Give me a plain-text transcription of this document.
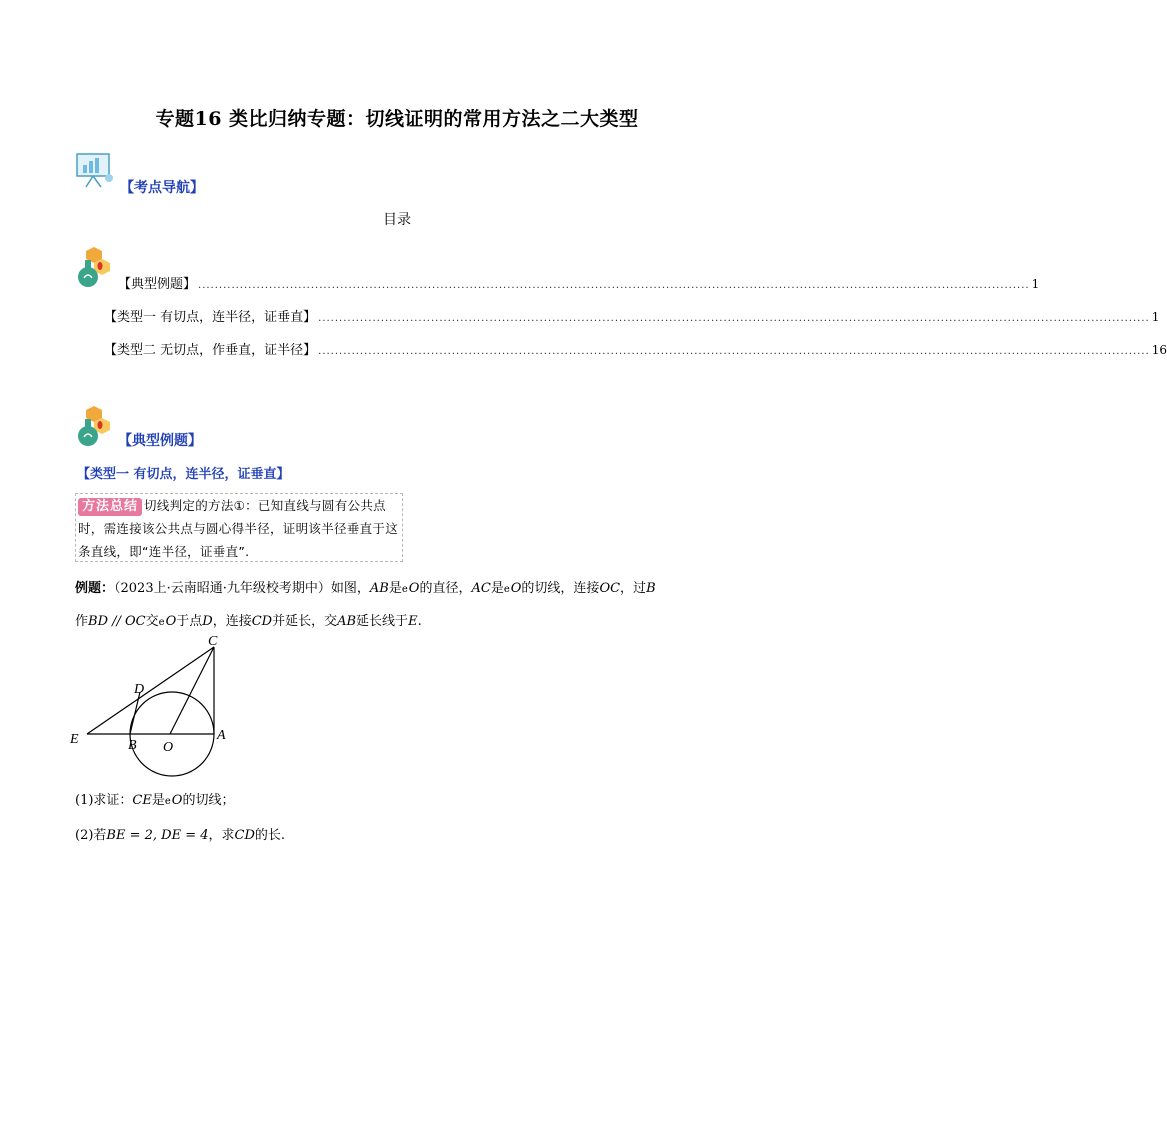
专题16 类比归纳专题：切线证明的常用方法之二大类型
【考点导航】
目录
【典型例题】 ....................................................................................................................................................................................................... 1
【类型一 有切点，连半径，证垂直】 ....................................................................................................................................................................................................... 1
【类型二 无切点，作垂直，证半径】 ....................................................................................................................................................................................................... 16
【典型例题】
【类型一 有切点，连半径，证垂直】
方法总结 切线判定的方法①：已知直线与圆有公共点时，需连接该公共点与圆心得半径，证明该半径垂直于这条直线，即“连半径，证垂直”.
例题：（2023上·云南昭通·九年级校考期中）如图，AB是eO的直径，AC是eO的切线，连接OC，过B
作BD // OC交eO于点D，连接CD并延长，交AB延长线于E.
C
D
E	B O
A
(1)求证：CE是eO的切线；
(2)若BE = 2, DE = 4，求CD的长.
